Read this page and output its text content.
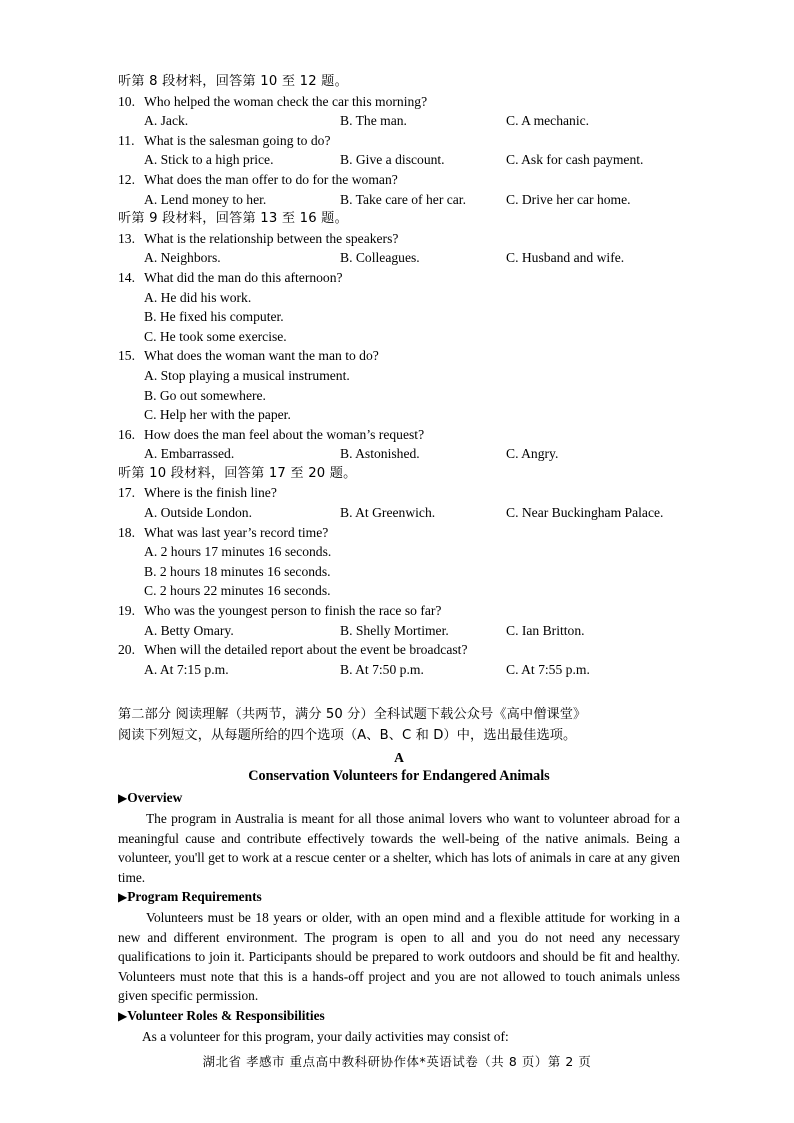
听第 8 段材料，回答第 10 至 12 题。
10. Who helped the woman check the car this morning?
A. Jack.	B. The man.	C. A mechanic.
11. What is the salesman going to do?
A. Stick to a high price.	B. Give a discount.	C. Ask for cash payment.
12. What does the man offer to do for the woman?
A. Lend money to her.	B. Take care of her car.	C. Drive her car home.
听第 9 段材料，回答第 13 至 16 题。
13. What is the relationship between the speakers?
A. Neighbors.	B. Colleagues.	C. Husband and wife.
14. What did the man do this afternoon?
A. He did his work.
B. He fixed his computer.
C. He took some exercise.
15. What does the woman want the man to do?
A. Stop playing a musical instrument.
B. Go out somewhere.
C. Help her with the paper.
16. How does the man feel about the woman’s request?
A. Embarrassed.	B. Astonished.	C. Angry.
听第 10 段材料，回答第 17 至 20 题。
17. Where is the finish line?
A. Outside London.	B. At Greenwich.	C. Near Buckingham Palace.
18. What was last year’s record time?
A. 2 hours 17 minutes 16 seconds.
B. 2 hours 18 minutes 16 seconds.
C. 2 hours 22 minutes 16 seconds.
19. Who was the youngest person to finish the race so far?
A. Betty Omary.	B. Shelly Mortimer.	C. Ian Britton.
20. When will the detailed report about the event be broadcast?
A. At 7:15 p.m.	B. At 7:50 p.m.	C. At 7:55 p.m.
第二部分 阅读理解（共两节，满分 50 分）全科试题下载公众号《高中僧课堂》
阅读下列短文，从每题所给的四个选项（A、B、C 和 D）中，选出最佳选项。
A
Conservation Volunteers for Endangered Animals
▶Overview

The program in Australia is meant for all those animal lovers who want to volunteer abroad for a meaningful cause and contribute effectively towards the well-being of the native animals. Being a volunteer, you'll get to work at a rescue center or a shelter, which has lots of animals in care at any given time.

▶Program Requirements

Volunteers must be 18 years or older, with an open mind and a flexible attitude for working in a new and different environment. The program is open to all and you do not need any necessary qualifications to join it. Participants should be prepared to work outdoors and should be fit and healthy. Volunteers must note that this is a hands-off project and you are not allowed to touch animals unless given specific permission.

▶Volunteer Roles & Responsibilities

As a volunteer for this program, your daily activities may consist of:

湖北省 孝感市 重点高中教科研协作体*英语试卷（共 8 页）第 2 页
